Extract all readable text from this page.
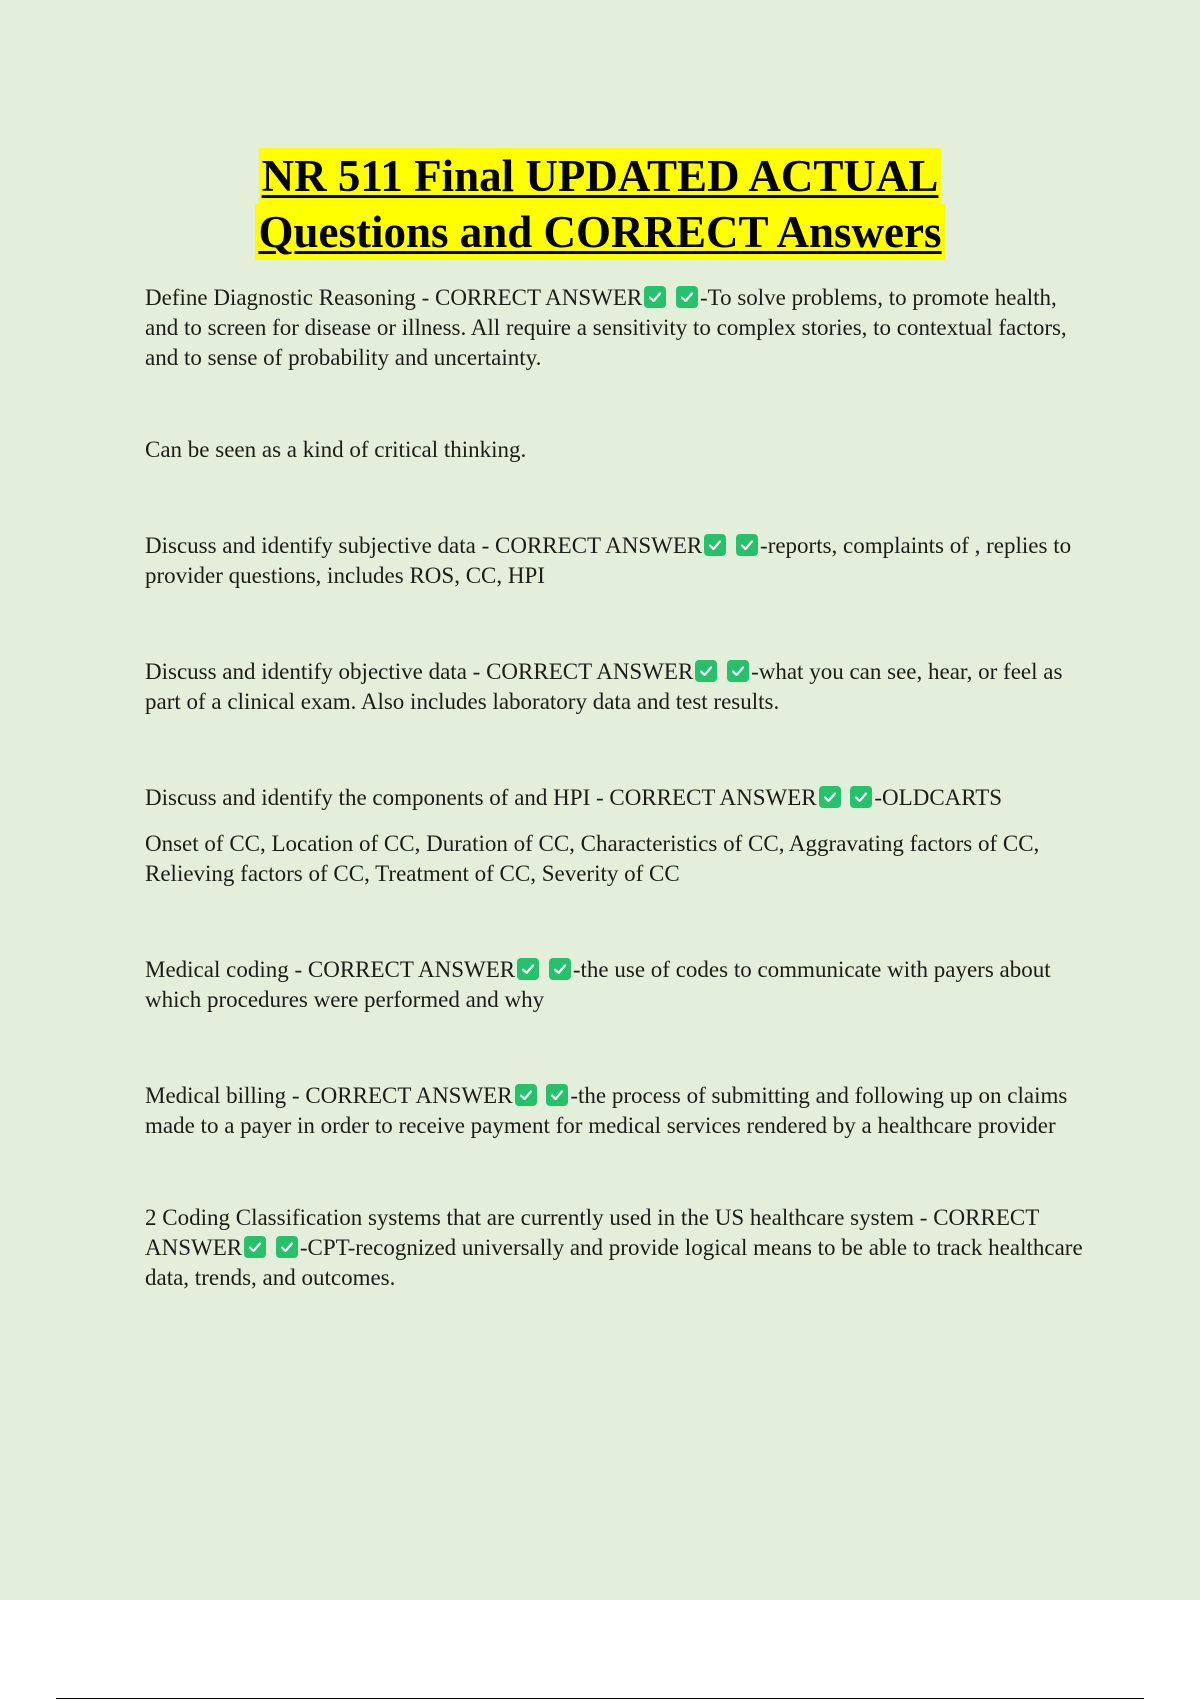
NR 511 Final UPDATED ACTUAL
Questions and CORRECT Answers

Define Diagnostic Reasoning - CORRECT ANSWER
	-To solve problems, to promote health, and to screen for disease or illness. All require a sensitivity to complex stories, to contextual factors, and to sense of probability and uncertainty.

Can be seen as a kind of critical thinking.

Discuss and identify subjective data - CORRECT ANSWER
	-reports, complaints of , replies to provider questions, includes ROS, CC, HPI

Discuss and identify objective data - CORRECT ANSWER
	-what you can see, hear, or feel as part of a clinical exam. Also includes laboratory data and test results.

Discuss and identify the components of and HPI - CORRECT ANSWER
	-OLDCARTS

Onset of CC, Location of CC, Duration of CC, Characteristics of CC, Aggravating factors of CC, Relieving factors of CC, Treatment of CC, Severity of CC

Medical coding - CORRECT ANSWER
	-the use of codes to communicate with payers about which procedures were performed and why

Medical billing - CORRECT ANSWER
	-the process of submitting and following up on claims made to a payer in order to receive payment for medical services rendered by a healthcare provider

2 Coding Classification systems that are currently used in the US healthcare system - CORRECT ANSWER
	-CPT-recognized universally and provide logical means to be able to track healthcare data, trends, and outcomes.
